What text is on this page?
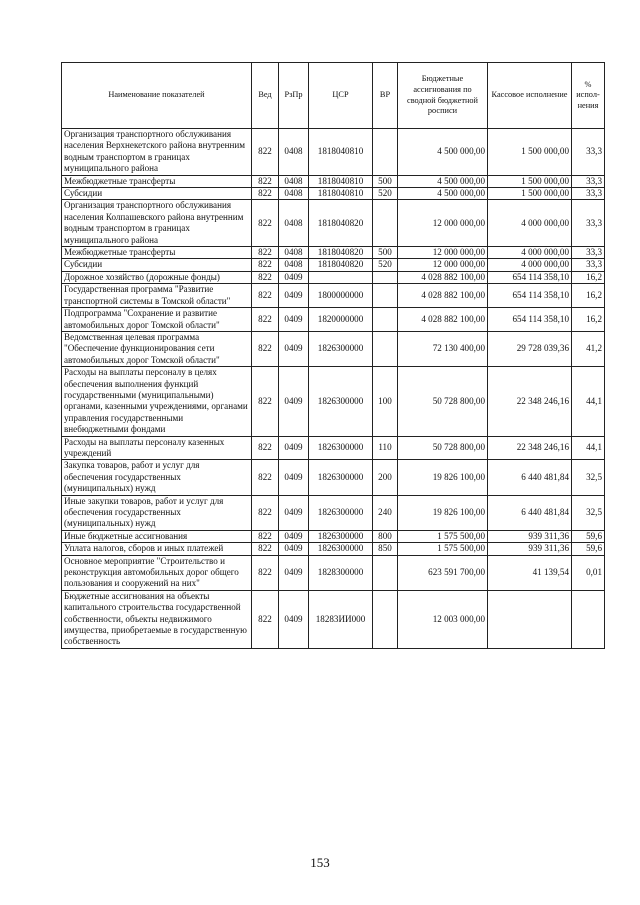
Наименование показателей	Вед	РзПр	ЦСР	ВР	Бюджетные ассигнования по сводной бюджетной росписи	Кассовое исполнение	% испол-нения
Организация транспортного обслуживания населения Верхнекетского района внутренним водным транспортом в границах муниципального района	822	0408	1818040810		4 500 000,00	1 500 000,00	33,3
Межбюджетные трансферты	822	0408	1818040810	500	4 500 000,00	1 500 000,00	33,3
Субсидии	822	0408	1818040810	520	4 500 000,00	1 500 000,00	33,3
Организация транспортного обслуживания населения Колпашевского района внутренним водным транспортом в границах муниципального района	822	0408	1818040820		12 000 000,00	4 000 000,00	33,3
Межбюджетные трансферты	822	0408	1818040820	500	12 000 000,00	4 000 000,00	33,3
Субсидии	822	0408	1818040820	520	12 000 000,00	4 000 000,00	33,3
Дорожное хозяйство (дорожные фонды)	822	0409			4 028 882 100,00	654 114 358,10	16,2
Государственная программа "Развитие транспортной системы в Томской области"	822	0409	1800000000		4 028 882 100,00	654 114 358,10	16,2
Подпрограмма "Сохранение и развитие автомобильных дорог Томской области"	822	0409	1820000000		4 028 882 100,00	654 114 358,10	16,2
Ведомственная целевая программа "Обеспечение функционирования сети автомобильных дорог Томской области"	822	0409	1826300000		72 130 400,00	29 728 039,36	41,2
Расходы на выплаты персоналу в целях обеспечения выполнения функций государственными (муниципальными) органами, казенными учреждениями, органами управления государственными внебюджетными фондами	822	0409	1826300000	100	50 728 800,00	22 348 246,16	44,1
Расходы на выплаты персоналу казенных учреждений	822	0409	1826300000	110	50 728 800,00	22 348 246,16	44,1
Закупка товаров, работ и услуг для обеспечения государственных (муниципальных) нужд	822	0409	1826300000	200	19 826 100,00	6 440 481,84	32,5
Иные закупки товаров, работ и услуг для обеспечения государственных (муниципальных) нужд	822	0409	1826300000	240	19 826 100,00	6 440 481,84	32,5
Иные бюджетные ассигнования	822	0409	1826300000	800	1 575 500,00	939 311,36	59,6
Уплата налогов, сборов и иных платежей	822	0409	1826300000	850	1 575 500,00	939 311,36	59,6
Основное мероприятие "Строительство и реконструкция автомобильных дорог общего пользования и сооружений на них"	822	0409	1828300000		623 591 700,00	41 139,54	0,01
Бюджетные ассигнования на объекты капитального строительства государственной собственности, объекты недвижимого имущества, приобретаемые в государственную собственность	822	0409	18283ИИ000		12 003 000,00		
153
